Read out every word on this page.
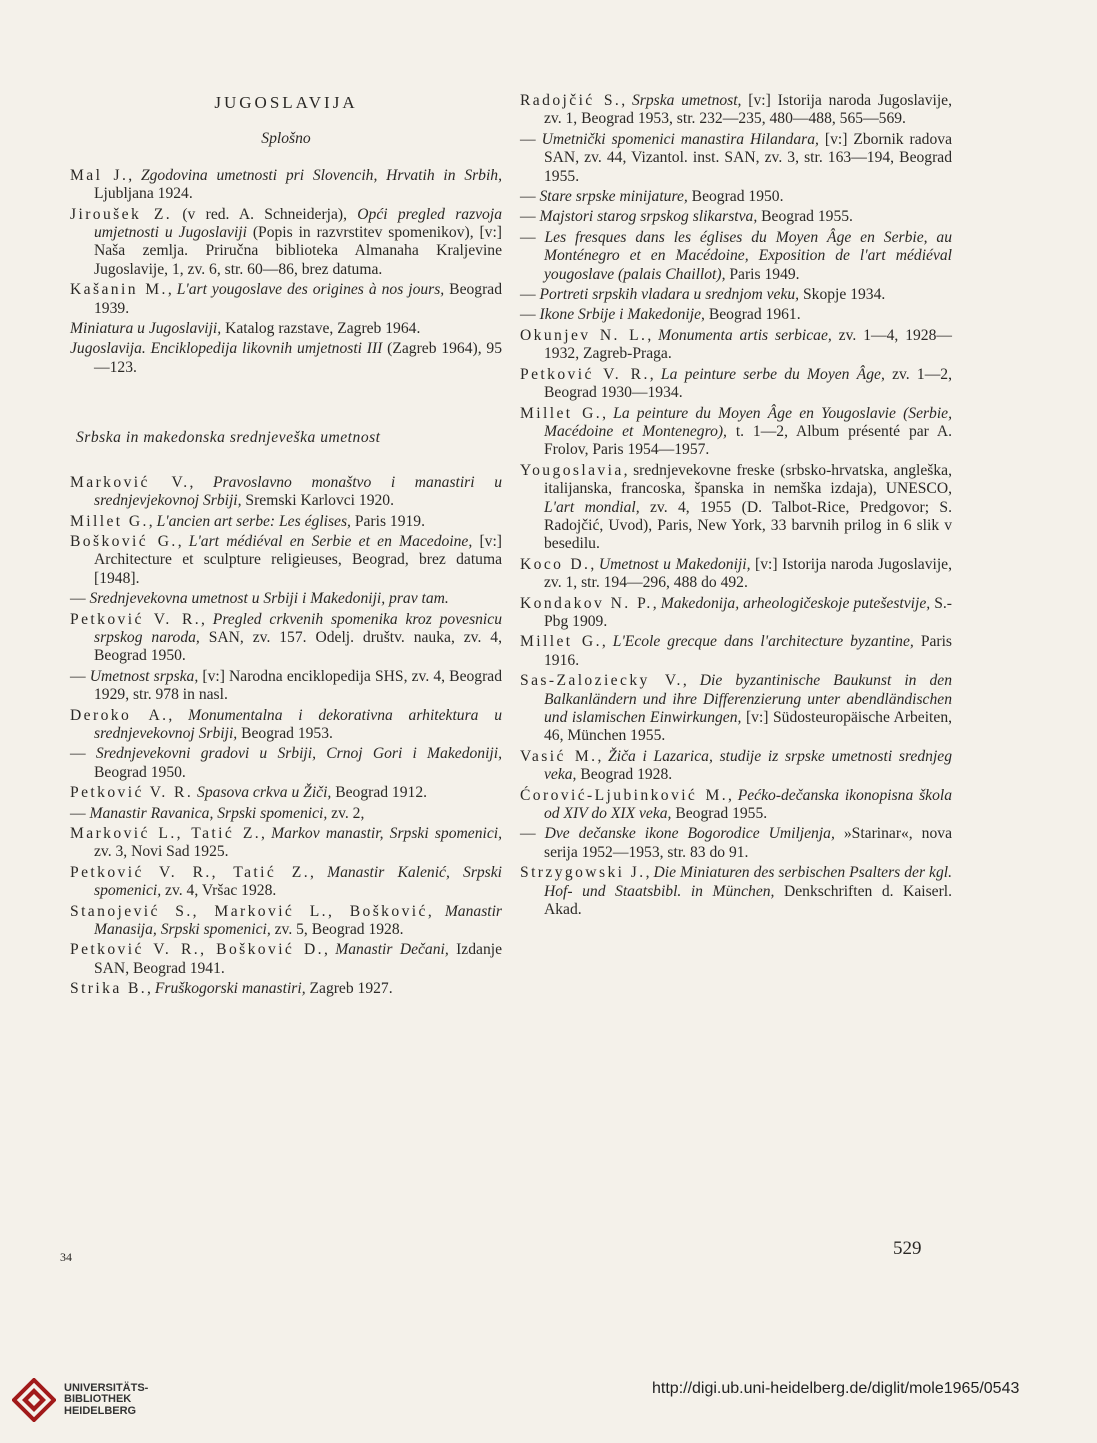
JUGOSLAVIJA
Splošno
Mal J., Zgodovina umetnosti pri Slovencih, Hrvatih in Srbih, Ljubljana 1924.
Jiroušek Z. (v red. A. Schneiderja), Opći pregled razvoja umjetnosti u Jugoslaviji (Popis in razvrstitev spomenikov), [v:] Naša zemlja. Priručna biblioteka Almanaha Kraljevine Jugoslavije, 1, zv. 6, str. 60—86, brez datuma.
Kašanin M., L'art yougoslave des origines à nos jours, Beograd 1939.
Miniatura u Jugoslaviji, Katalog razstave, Zagreb 1964.
Jugoslavija. Enciklopedija likovnih umjetnosti III (Zagreb 1964), 95—123.
Srbska in makedonska srednjeveška umetnost
Marković V., Pravoslavno monaštvo i manastiri u srednjevjekovnoj Srbiji, Sremski Karlovci 1920.
Millet G., L'ancien art serbe: Les églises, Paris 1919.
Bošković G., L'art médiéval en Serbie et en Macedoine, [v:] Architecture et sculpture religieuses, Beograd, brez datuma [1948].
— Srednjevekovna umetnost u Srbiji i Makedoniji, prav tam.
Petković V. R., Pregled crkvenih spomenika kroz povesnicu srpskog naroda, SAN, zv. 157. Odelj. društv. nauka, zv. 4, Beograd 1950.
— Umetnost srpska, [v:] Narodna enciklopedija SHS, zv. 4, Beograd 1929, str. 978 in nasl.
Deroko A., Monumentalna i dekorativna arhitektura u srednjevekovnoj Srbiji, Beograd 1953.
— Srednjevekovni gradovi u Srbiji, Crnoj Gori i Makedoniji, Beograd 1950.
Petković V. R. Spasova crkva u Žiči, Beograd 1912.
— Manastir Ravanica, Srpski spomenici, zv. 2,
Marković L., Tatić Z., Markov manastir, Srpski spomenici, zv. 3, Novi Sad 1925.
Petković V. R., Tatić Z., Manastir Kalenić, Srpski spomenici, zv. 4, Vršac 1928.
Stanojević S., Marković L., Bošković, Manastir Manasija, Srpski spomenici, zv. 5, Beograd 1928.
Petković V. R., Bošković D., Manastir Dečani, Izdanje SAN, Beograd 1941.
Strika B., Fruškogorski manastiri, Zagreb 1927.
Radojčić S., Srpska umetnost, [v:] Istorija naroda Jugoslavije, zv. 1, Beograd 1953, str. 232—235, 480—488, 565—569.
— Umetnički spomenici manastira Hilandara, [v:] Zbornik radova SAN, zv. 44, Vizantol. inst. SAN, zv. 3, str. 163—194, Beograd 1955.
— Stare srpske minijature, Beograd 1950.
— Majstori starog srpskog slikarstva, Beograd 1955.
— Les fresques dans les églises du Moyen Âge en Serbie, au Monténegro et en Macédoine, Exposition de l'art médiéval yougoslave (palais Chaillot), Paris 1949.
— Portreti srpskih vladara u srednjom veku, Skopje 1934.
— Ikone Srbije i Makedonije, Beograd 1961.
Okunjev N. L., Monumenta artis serbicae, zv. 1—4, 1928—1932, Zagreb-Praga.
Petković V. R., La peinture serbe du Moyen Âge, zv. 1—2, Beograd 1930—1934.
Millet G., La peinture du Moyen Âge en Yougoslavie (Serbie, Macédoine et Montenegro), t. 1—2, Album présenté par A. Frolov, Paris 1954—1957.
Yougoslavia, srednjevekovne freske (srbsko-hrvatska, angleška, italijanska, francoska, španska in nemška izdaja), UNESCO, L'art mondial, zv. 4, 1955 (D. Talbot-Rice, Predgovor; S. Radojčić, Uvod), Paris, New York, 33 barvnih prilog in 6 slik v besedilu.
Koco D., Umetnost u Makedoniji, [v:] Istorija naroda Jugoslavije, zv. 1, str. 194—296, 488 do 492.
Kondakov N. P., Makedonija, arheologičeskoje putešestvije, S.-Pbg 1909.
Millet G., L'Ecole grecque dans l'architecture byzantine, Paris 1916.
Sas-Zaloziecky V., Die byzantinische Baukunst in den Balkanländern und ihre Differenzierung unter abendländischen und islamischen Einwirkungen, [v:] Südosteuropäische Arbeiten, 46, München 1955.
Vasić M., Žiča i Lazarica, studije iz srpske umetnosti srednjeg veka, Beograd 1928.
Ćorović-Ljubinković M., Pećko-dečanska ikonopisna škola od XIV do XIX veka, Beograd 1955.
— Dve dečanske ikone Bogorodice Umiljenja, »Starinar«, nova serija 1952—1953, str. 83 do 91.
Strzygowski J., Die Miniaturen des serbischen Psalters der kgl. Hof- und Staatsbibl. in München, Denkschriften d. Kaiserl. Akad.
34	529
UNIVERSITÄTS-
BIBLIOTHEK
HEIDELBERG
http://digi.ub.uni-heidelberg.de/diglit/mole1965/0543
